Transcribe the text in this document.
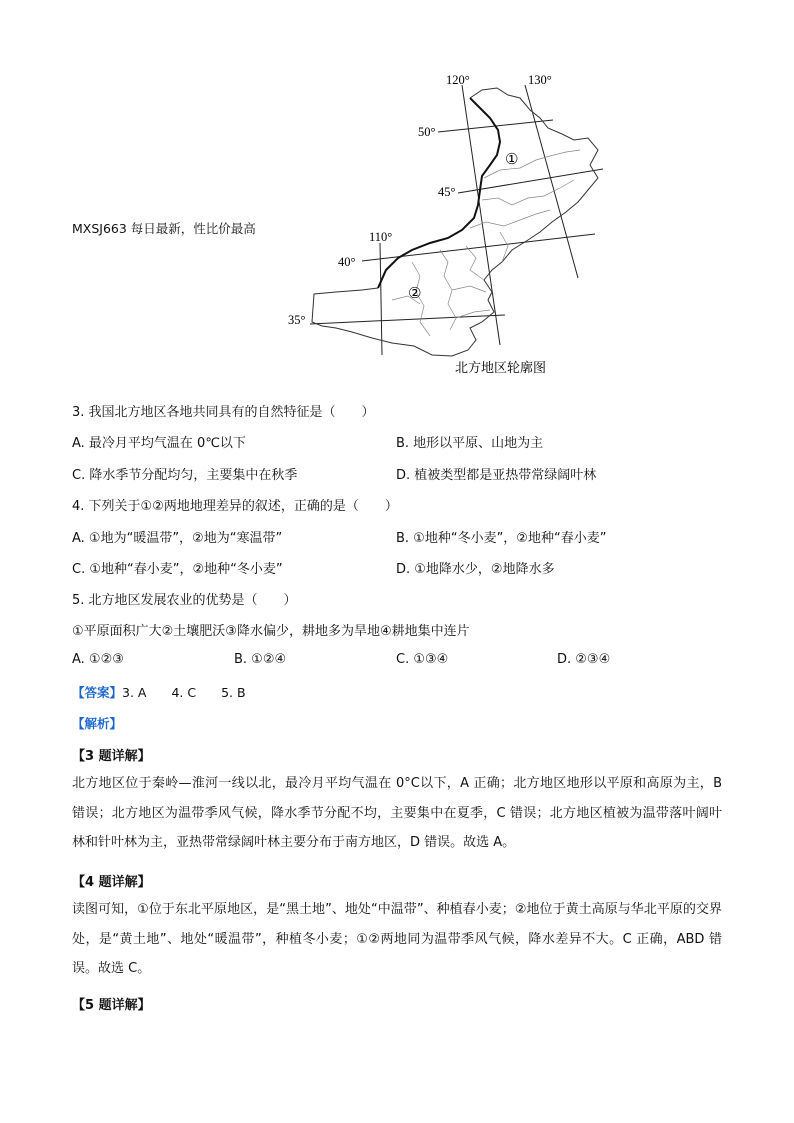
MXSJ663 每日最新，性比价最高
120°	130°
110°
50°
45°
40°
35°
①
②
北方地区轮廓图
3. 我国北方地区各地共同具有的自然特征是（　　）
A. 最冷月平均气温在 0℃以下	B. 地形以平原、山地为主
C. 降水季节分配均匀，主要集中在秋季	D. 植被类型都是亚热带常绿阔叶林
4. 下列关于①②两地地理差异的叙述，正确的是（　　）
A. ①地为“暖温带”，②地为“寒温带”	B. ①地种“冬小麦”，②地种“春小麦”
C. ①地种“春小麦”，②地种“冬小麦”	D. ①地降水少，②地降水多
5. 北方地区发展农业的优势是（　　）
①平原面积广大②土壤肥沃③降水偏少，耕地多为旱地④耕地集中连片
A. ①②③	B. ①②④	C. ①③④	D. ②③④
【答案】3. A　　4. C　　5. B
【解析】
【3 题详解】
北方地区位于秦岭—淮河一线以北，最冷月平均气温在 0°C以下，A 正确；北方地区地形以平原和高原为主，B 错误；北方地区为温带季风气候，降水季节分配不均，主要集中在夏季，C 错误；北方地区植被为温带落叶阔叶林和针叶林为主，亚热带常绿阔叶林主要分布于南方地区，D 错误。故选 A。
【4 题详解】
读图可知，①位于东北平原地区，是“黑土地”、地处“中温带”、种植春小麦；②地位于黄土高原与华北平原的交界处，是“黄土地”、地处“暖温带”，种植冬小麦；①②两地同为温带季风气候，降水差异不大。C 正确，ABD 错误。故选 C。
【5 题详解】
